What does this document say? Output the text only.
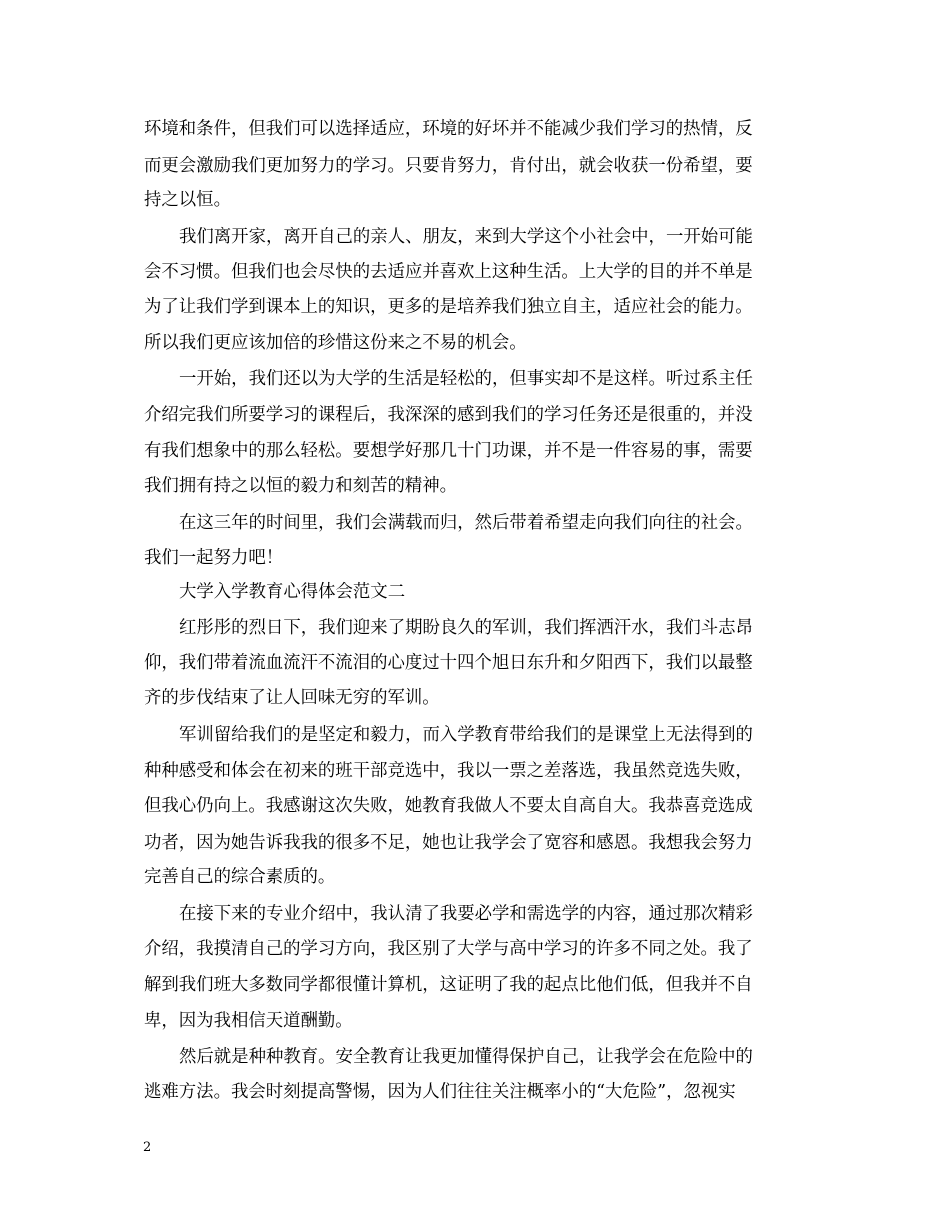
环境和条件，但我们可以选择适应，环境的好坏并不能减少我们学习的热情，反
而更会激励我们更加努力的学习。只要肯努力，肯付出，就会收获一份希望，要
持之以恒。
我们离开家，离开自己的亲人、朋友，来到大学这个小社会中，一开始可能
会不习惯。但我们也会尽快的去适应并喜欢上这种生活。上大学的目的并不单是
为了让我们学到课本上的知识，更多的是培养我们独立自主，适应社会的能力。
所以我们更应该加倍的珍惜这份来之不易的机会。
一开始，我们还以为大学的生活是轻松的，但事实却不是这样。听过系主任
介绍完我们所要学习的课程后，我深深的感到我们的学习任务还是很重的，并没
有我们想象中的那么轻松。要想学好那几十门功课，并不是一件容易的事，需要
我们拥有持之以恒的毅力和刻苦的精神。
在这三年的时间里，我们会满载而归，然后带着希望走向我们向往的社会。
我们一起努力吧！
大学入学教育心得体会范文二
红彤彤的烈日下，我们迎来了期盼良久的军训，我们挥洒汗水，我们斗志昂
仰，我们带着流血流汗不流泪的心度过十四个旭日东升和夕阳西下，我们以最整
齐的步伐结束了让人回味无穷的军训。
军训留给我们的是坚定和毅力，而入学教育带给我们的是课堂上无法得到的
种种感受和体会在初来的班干部竞选中，我以一票之差落选，我虽然竞选失败，
但我心仍向上。我感谢这次失败，她教育我做人不要太自高自大。我恭喜竞选成
功者，因为她告诉我我的很多不足，她也让我学会了宽容和感恩。我想我会努力
完善自己的综合素质的。
在接下来的专业介绍中，我认清了我要必学和需选学的内容，通过那次精彩
介绍，我摸清自己的学习方向，我区别了大学与高中学习的许多不同之处。我了
解到我们班大多数同学都很懂计算机，这证明了我的起点比他们低，但我并不自
卑，因为我相信天道酬勤。
然后就是种种教育。安全教育让我更加懂得保护自己，让我学会在危险中的
逃难方法。我会时刻提高警惕，因为人们往往关注概率小的“大危险”，忽视实
2
